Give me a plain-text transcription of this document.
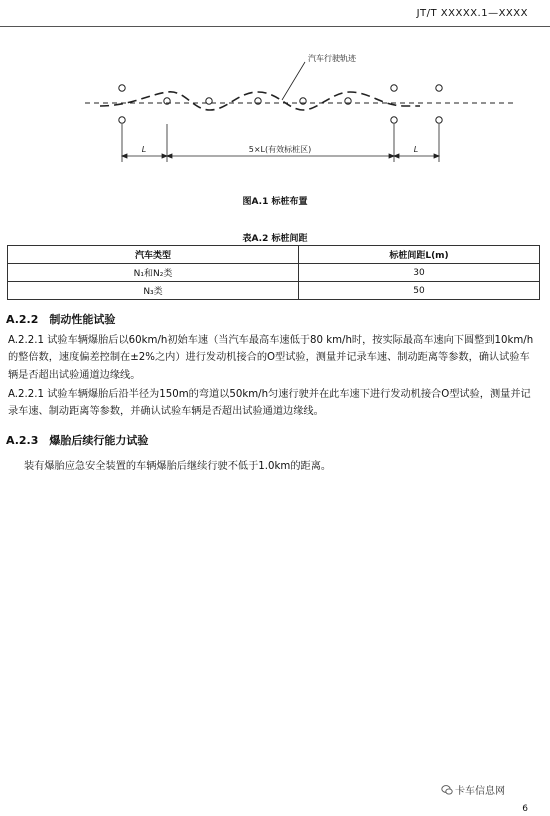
JT/T XXXXX.1—XXXX
汽车行驶轨迹
L	5×L(有效标桩区)	L
图A.1 标桩布置
表A.2 标桩间距
汽车类型	标桩间距L(m)
N₁和N₂类	30
N₃类	50
A.2.2　制动性能试验
A.2.2.1 试验车辆爆胎后以60km/h初始车速（当汽车最高车速低于80 km/h时，按实际最高车速向下圆整到10km/h的整倍数，速度偏差控制在±2%之内）进行发动机接合的O型试验，测量并记录车速、制动距离等参数，确认试验车辆是否超出试验通道边缘线。
A.2.2.1 试验车辆爆胎后沿半径为150m的弯道以50km/h匀速行驶并在此车速下进行发动机接合O型试验，测量并记录车速、制动距离等参数，并确认试验车辆是否超出试验通道边缘线。
A.2.3　爆胎后续行能力试验
装有爆胎应急安全装置的车辆爆胎后继续行驶不低于1.0km的距离。
卡车信息网
6
